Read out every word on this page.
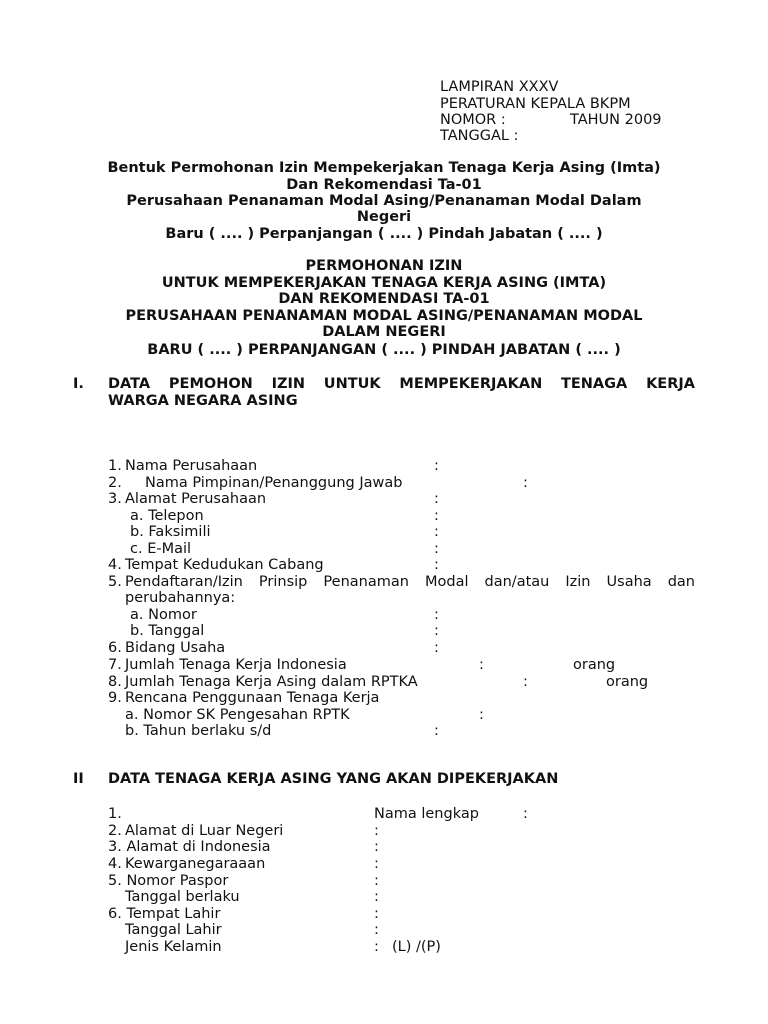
LAMPIRAN XXXV
PERATURAN KEPALA BKPM
NOMOR :	TAHUN 2009
TANGGAL :
Bentuk Permohonan Izin Mempekerjakan Tenaga Kerja Asing (Imta)
Dan Rekomendasi Ta-01
Perusahaan Penanaman Modal Asing/Penanaman Modal Dalam
Negeri
Baru ( .... ) Perpanjangan ( .... ) Pindah Jabatan ( .... )
PERMOHONAN IZIN
UNTUK MEMPEKERJAKAN TENAGA KERJA ASING (IMTA)
DAN REKOMENDASI TA-01
PERUSAHAAN PENANAMAN MODAL ASING/PENANAMAN MODAL
DALAM NEGERI
BARU ( .... ) PERPANJANGAN ( .... ) PINDAH JABATAN ( .... )
I. DATA PEMOHON IZIN UNTUK MEMPEKERJAKAN TENAGA KERJA
WARGA NEGARA ASING
1. Nama Perusahaan	:
2. Nama Pimpinan/Penanggung Jawab	:
3. Alamat Perusahaan	:
a. Telepon	:
b. Faksimili	:
c. E-Mail	:
4. Tempat Kedudukan Cabang	:
5. Pendaftaran/Izin Prinsip Penanaman Modal dan/atau Izin Usaha dan
perubahannya:
a. Nomor	:
b. Tanggal	:
6. Bidang Usaha	:
7. Jumlah Tenaga Kerja Indonesia	:	orang
8. Jumlah Tenaga Kerja Asing dalam RPTKA	:	orang
9. Rencana Penggunaan Tenaga Kerja
a. Nomor SK Pengesahan RPTK	:
b. Tahun berlaku s/d	:
II DATA TENAGA KERJA ASING YANG AKAN DIPEKERJAKAN
1.	Nama lengkap	:
2. Alamat di Luar Negeri	:
3. Alamat di Indonesia	:
4. Kewarganegaraaan	:
5. Nomor Paspor	:
Tanggal berlaku	:
6. Tempat Lahir	:
Tanggal Lahir	:
Jenis Kelamin	: (L) /(P)
